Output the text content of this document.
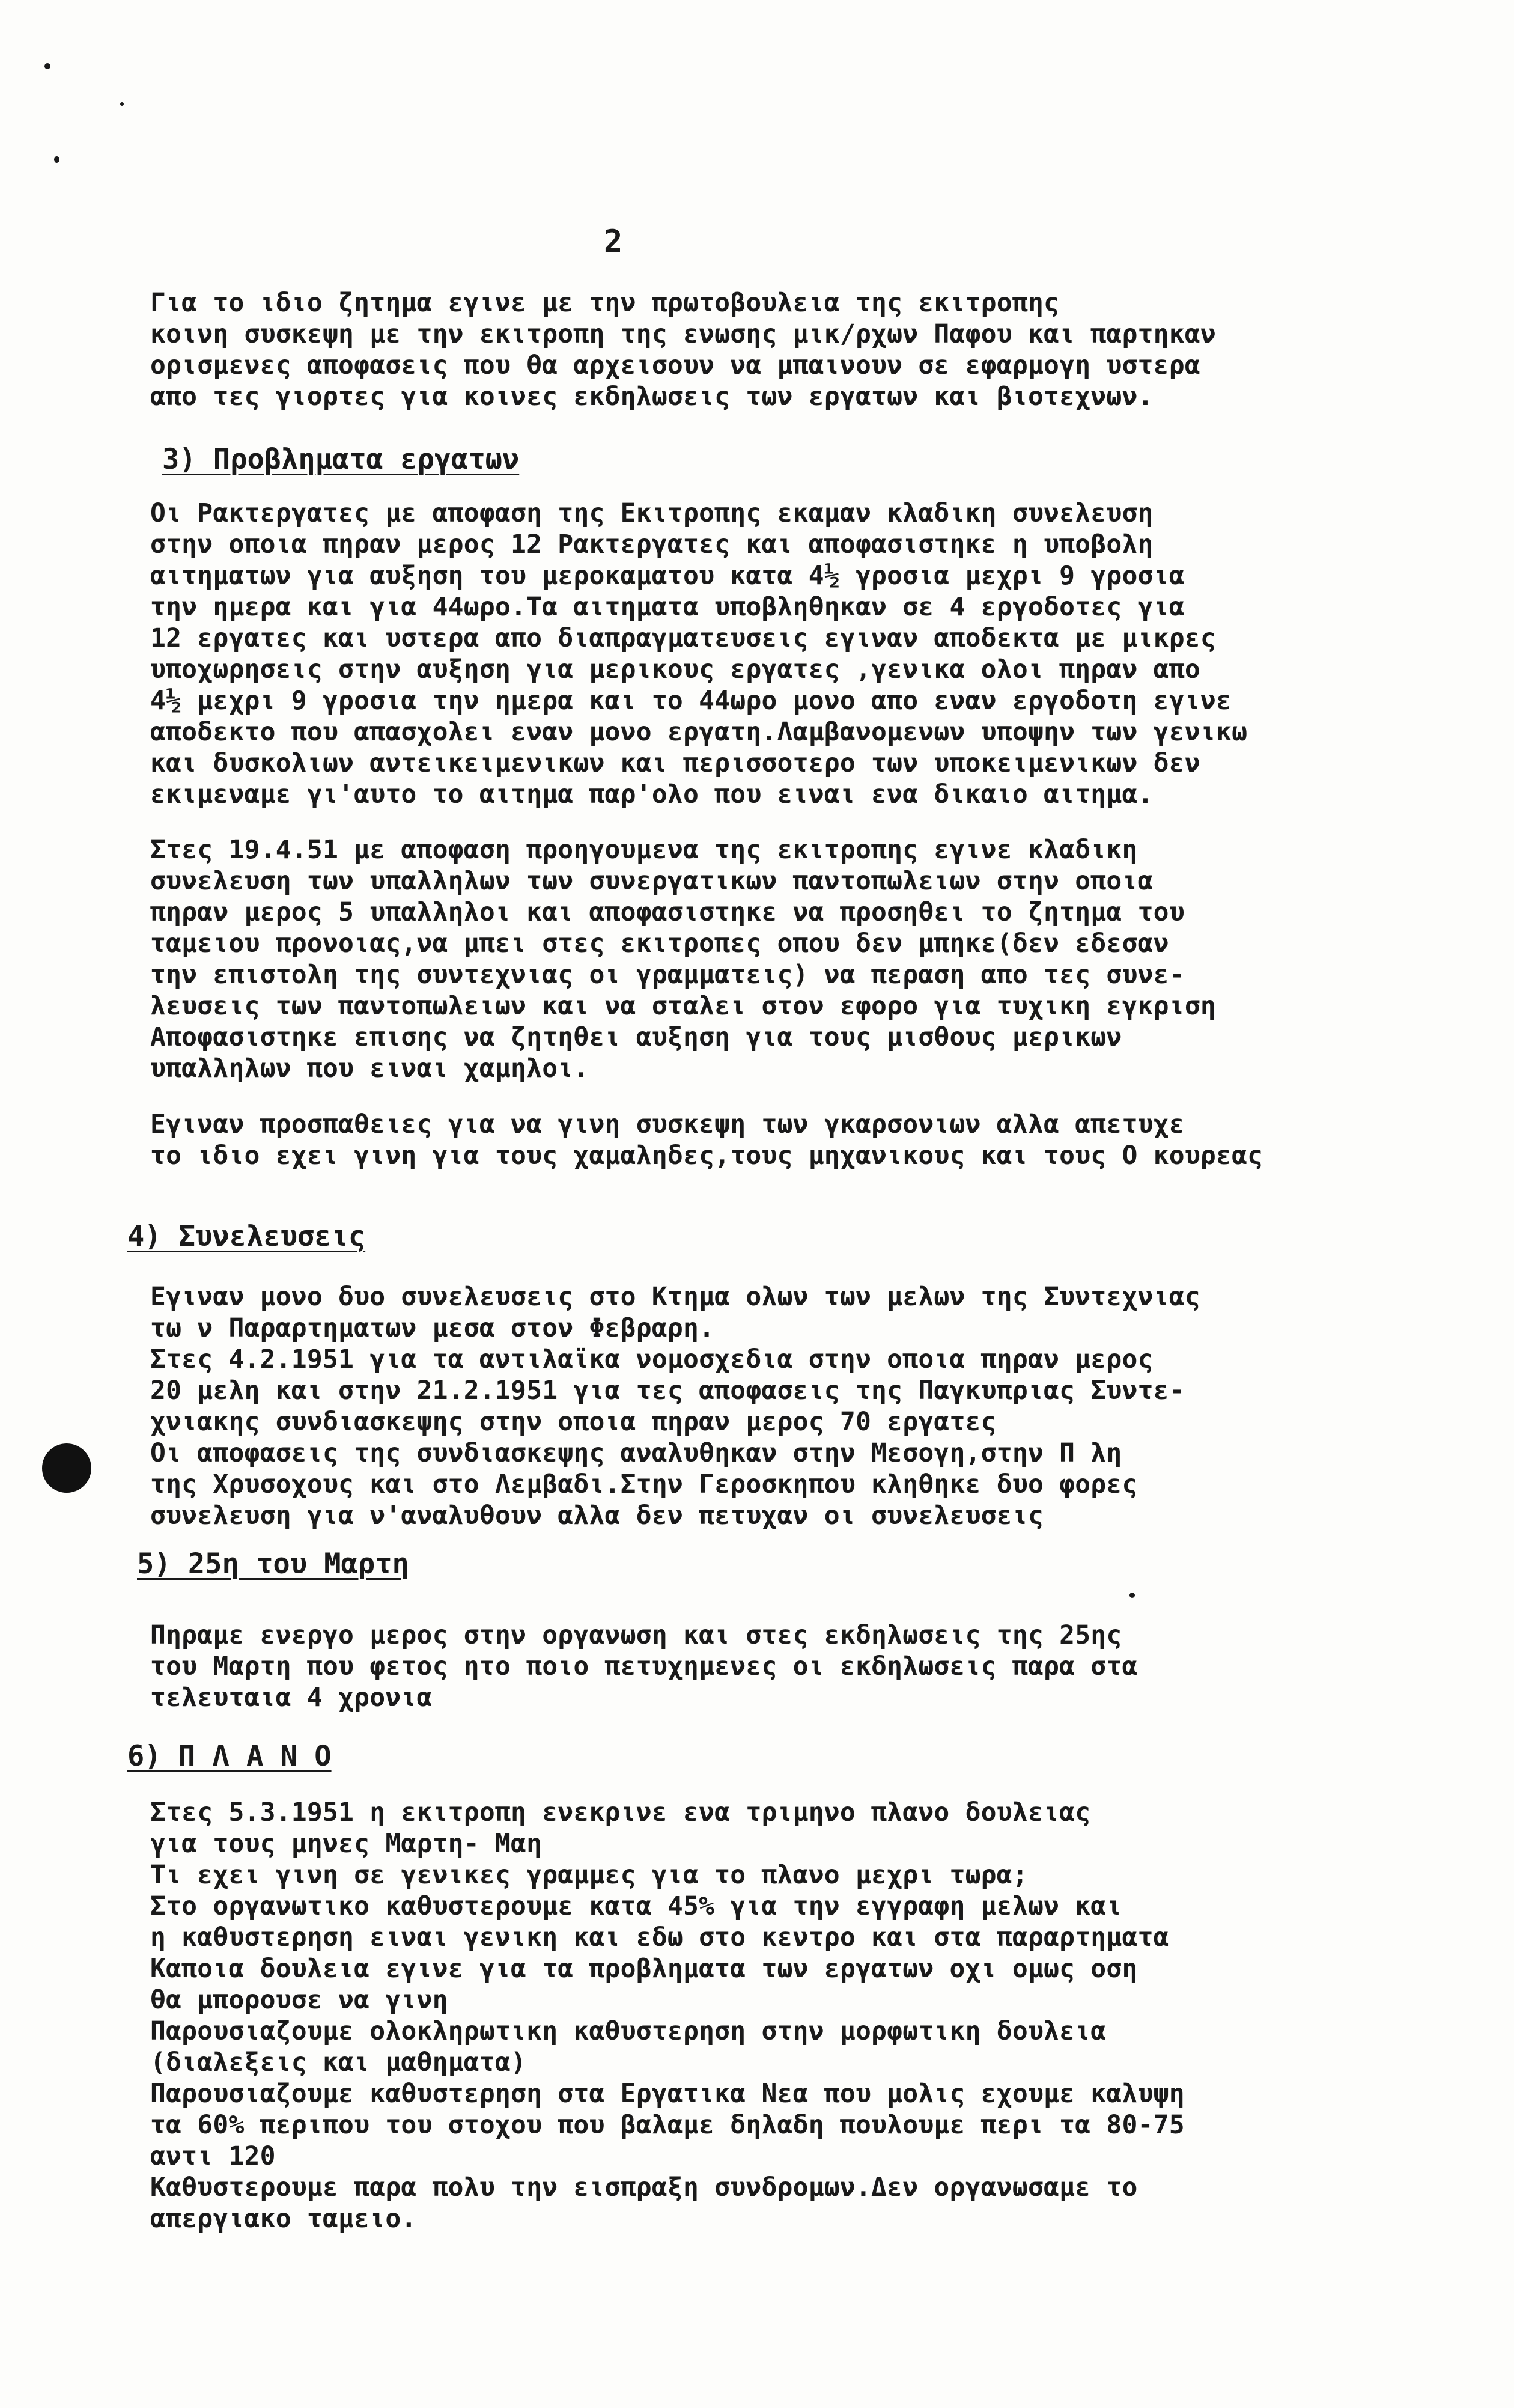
2
Για το ιδιο ζητημα εγινε με την πρωτοβουλεια της εκιτροπης
κοινη συσκεψη με την εκιτροπη της ενωσης μικ/ρχων Παφου και παρτηκαν
ορισμενες αποφασεις που θα αρχεισουν να μπαινουν σε εφαρμογη υστερα
απο τες γιορτες για κοινες εκδηλωσεις των εργατων και βιοτεχνων.
3) Προβληματα εργατων
Οι Ρακτεργατες με αποφαση της Εκιτροπης εκαμαν κλαδικη συνελευση
στην οποια πηραν μερος 12 Ρακτεργατες και αποφασιστηκε η υποβολη
αιτηματων για αυξηση του μεροκαματου κατα 4½ γροσια μεχρι 9 γροσια
την ημερα και για 44ωρο.Τα αιτηματα υποβληθηκαν σε 4 εργοδοτες για
12 εργατες και υστερα απο διαπραγματευσεις εγιναν αποδεκτα με μικρες
υποχωρησεις στην αυξηση για μερικους εργατες ,γενικα ολοι πηραν απο
4½ μεχρι 9 γροσια την ημερα και το 44ωρο μονο απο εναν εργοδοτη εγινε
αποδεκτο που απασχολει εναν μονο εργατη.Λαμβανομενων υποψην των γενικω
και δυσκολιων αντεικειμενικων και περισσοτερο των υποκειμενικων δεν
εκιμεναμε γι'αυτο το αιτημα παρ'ολο που ειναι ενα δικαιο αιτημα.
Στες 19.4.51 με αποφαση προηγουμενα της εκιτροπης εγινε κλαδικη
συνελευση των υπαλληλων των συνεργατικων παντοπωλειων στην οποια
πηραν μερος 5 υπαλληλοι και αποφασιστηκε να προσηθει το ζητημα του
ταμειου προνοιας,να μπει στες εκιτροπες οπου δεν μπηκε(δεν εδεσαν
την επιστολη της συντεχνιας οι γραμματεις) να περαση απο τες συνε-
λευσεις των παντοπωλειων και να σταλει στον εφορο για τυχικη εγκριση
Αποφασιστηκε επισης να ζητηθει αυξηση για τους μισθους μερικων
υπαλληλων που ειναι χαμηλοι.
Εγιναν προσπαθειες για να γινη συσκεψη των γκαρσονιων αλλα απετυχε
το ιδιο εχει γινη για τους χαμαληδες,τους μηχανικους και τους Ο κουρεας
4) Συνελευσεις
Εγιναν μονο δυο συνελευσεις στο Κτημα ολων των μελων της Συντεχνιας
τω ν Παραρτηματων μεσα στον Φεβραρη.
Στες 4.2.1951 για τα αντιλαϊκα νομοσχεδια στην οποια πηραν μερος
20 μελη και στην 21.2.1951 για τες αποφασεις της Παγκυπριας Συντε-
χνιακης συνδιασκεψης στην οποια πηραν μερος 70 εργατες
Οι αποφασεις της συνδιασκεψης αναλυθηκαν στην Μεσογη,στην Π λη
της Χρυσοχους και στο Λεμβαδι.Στην Γεροσκηπου κληθηκε δυο φορες
συνελευση για ν'αναλυθουν αλλα δεν πετυχαν οι συνελευσεις
5) 25η του Μαρτη
Πηραμε ενεργο μερος στην οργανωση και στες εκδηλωσεις της 25ης
του Μαρτη που φετος ητο ποιο πετυχημενες οι εκδηλωσεις παρα στα
τελευταια 4 χρονια
6) Π Λ Α Ν Ο
Στες 5.3.1951 η εκιτροπη ενεκρινε ενα τριμηνο πλανο δουλειας
για τους μηνες Μαρτη- Μαη
Τι εχει γινη σε γενικες γραμμες για το πλανο μεχρι τωρα;
Στο οργανωτικο καθυστερουμε κατα 45% για την εγγραφη μελων και
η καθυστερηση ειναι γενικη και εδω στο κεντρο και στα παραρτηματα
Καποια δουλεια εγινε για τα προβληματα των εργατων οχι ομως οση
θα μπορουσε να γινη
Παρουσιαζουμε ολοκληρωτικη καθυστερηση στην μορφωτικη δουλεια
(διαλεξεις και μαθηματα)
Παρουσιαζουμε καθυστερηση στα Εργατικα Νεα που μολις εχουμε καλυψη
τα 60% περιπου του στοχου που βαλαμε δηλαδη πουλουμε περι τα 80-75
αντι 120
Καθυστερουμε παρα πολυ την εισπραξη συνδρομων.Δεν οργανωσαμε το
απεργιακο ταμειο.
